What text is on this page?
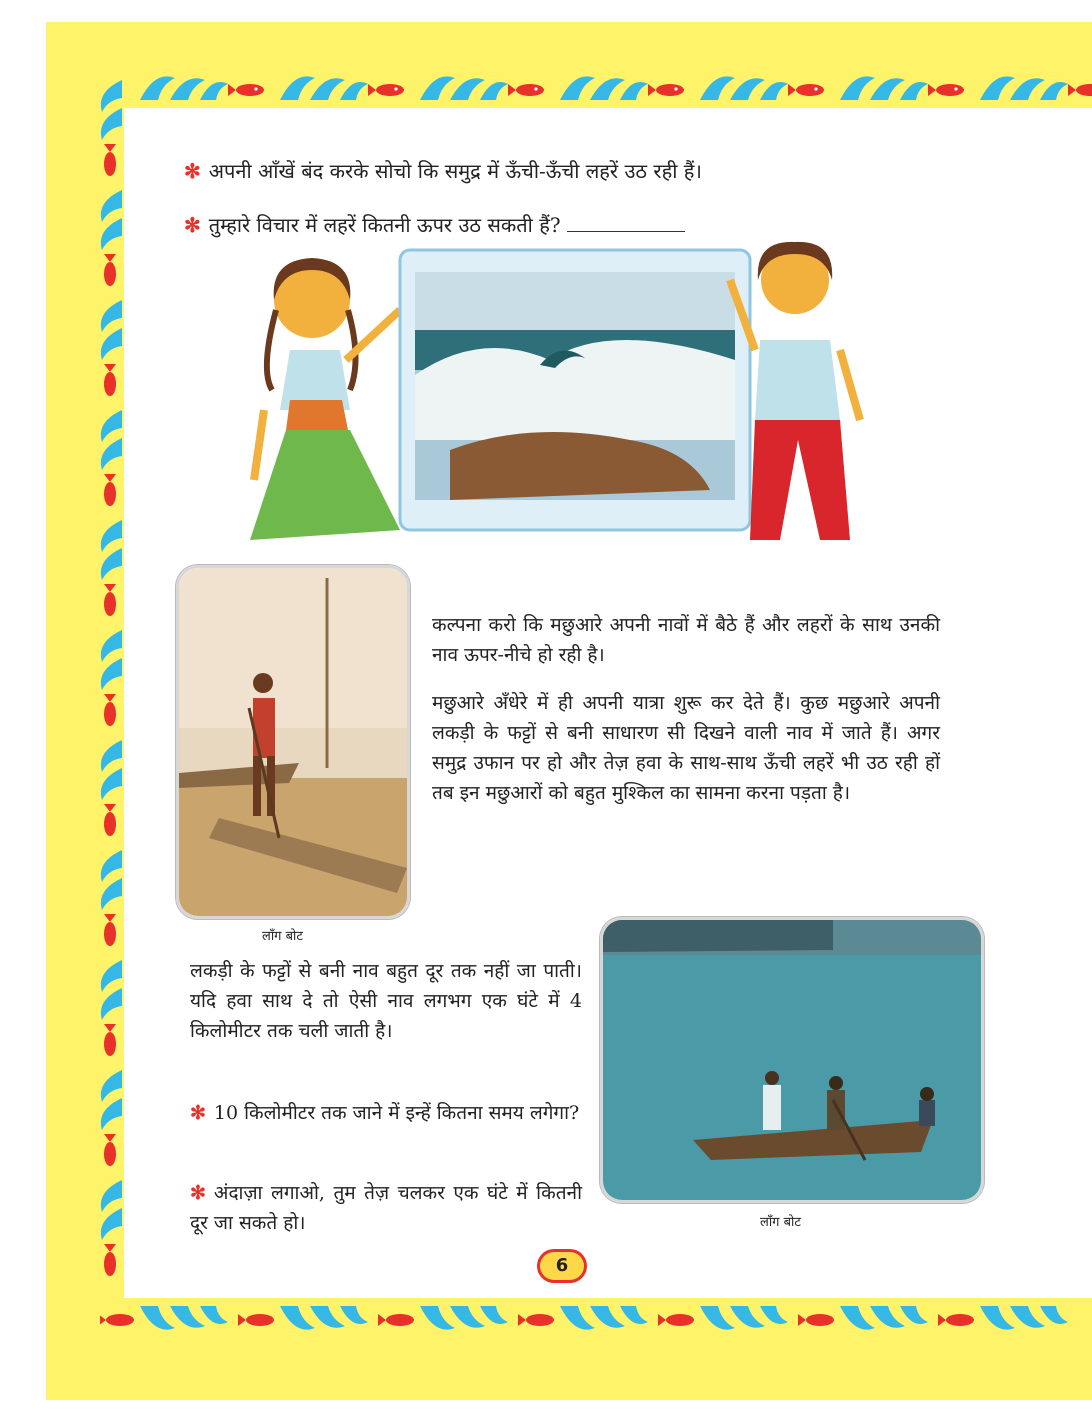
✻ अपनी आँखें बंद करके सोचो कि समुद्र में ऊँची-ऊँची लहरें उठ रही हैं।
✻ तुम्हारे विचार में लहरें कितनी ऊपर उठ सकती हैं?
लाँग बोट
कल्पना करो कि मछुआरे अपनी नावों में बैठे हैं और लहरों के साथ उनकी नाव ऊपर-नीचे हो रही है।
मछुआरे अँधेरे में ही अपनी यात्रा शुरू कर देते हैं। कुछ मछुआरे अपनी लकड़ी के फट्टों से बनी साधारण सी दिखने वाली नाव में जाते हैं। अगर समुद्र उफान पर हो और तेज़ हवा के साथ-साथ ऊँची लहरें भी उठ रही हों तब इन मछुआरों को बहुत मुश्किल का सामना करना पड़ता है।
लकड़ी के फट्टों से बनी नाव बहुत दूर तक नहीं जा पाती। यदि हवा साथ दे तो ऐसी नाव लगभग एक घंटे में 4 किलोमीटर तक चली जाती है।
✻ 10 किलोमीटर तक जाने में इन्हें कितना समय लगेगा?
✻ अंदाज़ा लगाओ, तुम तेज़ चलकर एक घंटे में कितनी दूर जा सकते हो।	लाँग बोट
6
